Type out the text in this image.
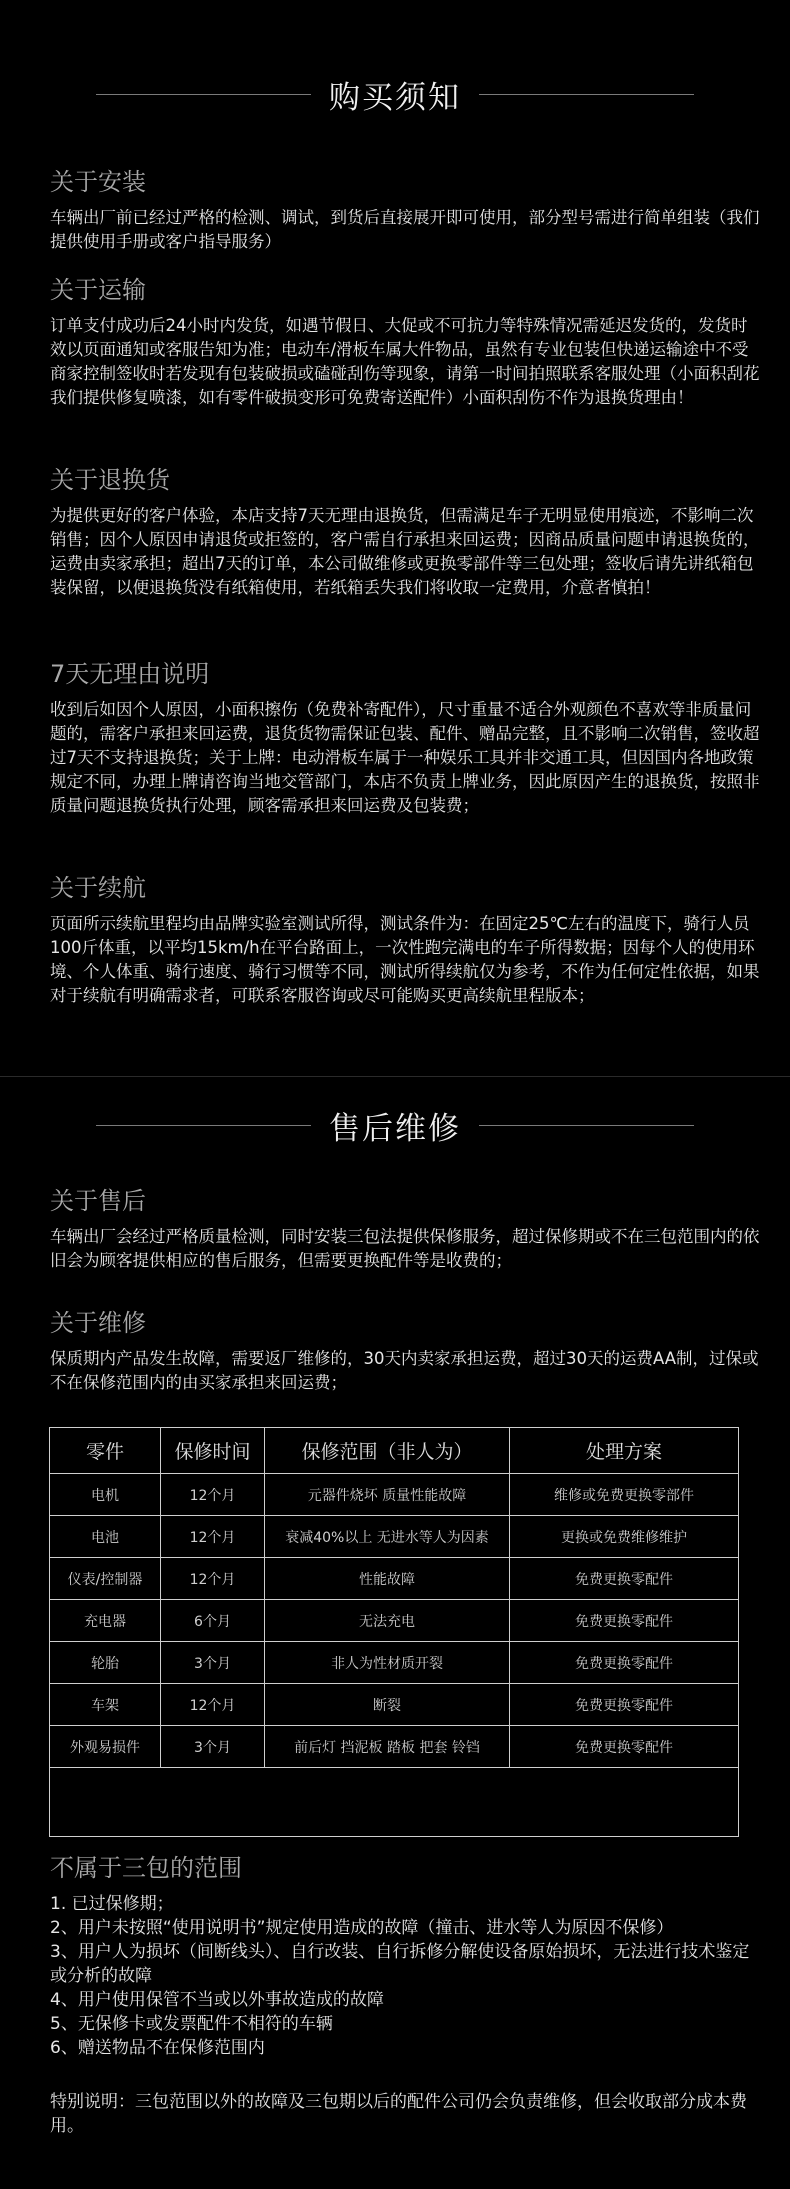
购买须知
关于安装

车辆出厂前已经过严格的检测、调试，到货后直接展开即可使用，部分型号需进行简单组装（我们提供使用手册或客户指导服务）

关于运输

订单支付成功后24小时内发货，如遇节假日、大促或不可抗力等特殊情况需延迟发货的，发货时效以页面通知或客服告知为准；电动车/滑板车属大件物品，虽然有专业包装但快递运输途中不受商家控制签收时若发现有包装破损或磕碰刮伤等现象，请第一时间拍照联系客服处理（小面积刮花我们提供修复喷漆，如有零件破损变形可免费寄送配件）小面积刮伤不作为退换货理由！

关于退换货

为提供更好的客户体验，本店支持7天无理由退换货，但需满足车子无明显使用痕迹，不影响二次销售；因个人原因申请退货或拒签的，客户需自行承担来回运费；因商品质量问题申请退换货的，运费由卖家承担；超出7天的订单，本公司做维修或更换零部件等三包处理；签收后请先讲纸箱包装保留，以便退换货没有纸箱使用，若纸箱丢失我们将收取一定费用，介意者慎拍！

7天无理由说明

收到后如因个人原因，小面积擦伤（免费补寄配件），尺寸重量不适合外观颜色不喜欢等非质量问题的，需客户承担来回运费，退货货物需保证包装、配件、赠品完整，且不影响二次销售，签收超过7天不支持退换货；关于上牌：电动滑板车属于一种娱乐工具并非交通工具，但因国内各地政策规定不同，办理上牌请咨询当地交管部门，本店不负责上牌业务，因此原因产生的退换货，按照非质量问题退换货执行处理，顾客需承担来回运费及包装费；

关于续航

页面所示续航里程均由品牌实验室测试所得，测试条件为：在固定25℃左右的温度下，骑行人员100斤体重，以平均15km/h在平台路面上，一次性跑完满电的车子所得数据；因每个人的使用环境、个人体重、骑行速度、骑行习惯等不同，测试所得续航仅为参考，不作为任何定性依据，如果对于续航有明确需求者，可联系客服咨询或尽可能购买更高续航里程版本；

售后维修
关于售后

车辆出厂会经过严格质量检测，同时安装三包法提供保修服务，超过保修期或不在三包范围内的依旧会为顾客提供相应的售后服务，但需要更换配件等是收费的；

关于维修

保质期内产品发生故障，需要返厂维修的，30天内卖家承担运费，超过30天的运费AA制，过保或不在保修范围内的由买家承担来回运费；

零件	保修时间	保修范围（非人为）	处理方案
电机	12个月	元器件烧坏 质量性能故障	维修或免费更换零部件
电池	12个月	衰减40%以上 无进水等人为因素	更换或免费维修维护
仪表/控制器	12个月	性能故障	免费更换零配件
充电器	6个月	无法充电	免费更换零配件
轮胎	3个月	非人为性材质开裂	免费更换零配件
车架	12个月	断裂	免费更换零配件
外观易损件	3个月	前后灯 挡泥板 踏板 把套 铃铛	免费更换零配件

不属于三包的范围
1. 已过保修期；
2、用户未按照“使用说明书”规定使用造成的故障（撞击、进水等人为原因不保修）
3、用户人为损坏（间断线头）、自行改装、自行拆修分解使设备原始损坏，无法进行技术鉴定或分析的故障
4、用户使用保管不当或以外事故造成的故障
5、无保修卡或发票配件不相符的车辆
6、赠送物品不在保修范围内

特别说明：三包范围以外的故障及三包期以后的配件公司仍会负责维修，但会收取部分成本费用。
